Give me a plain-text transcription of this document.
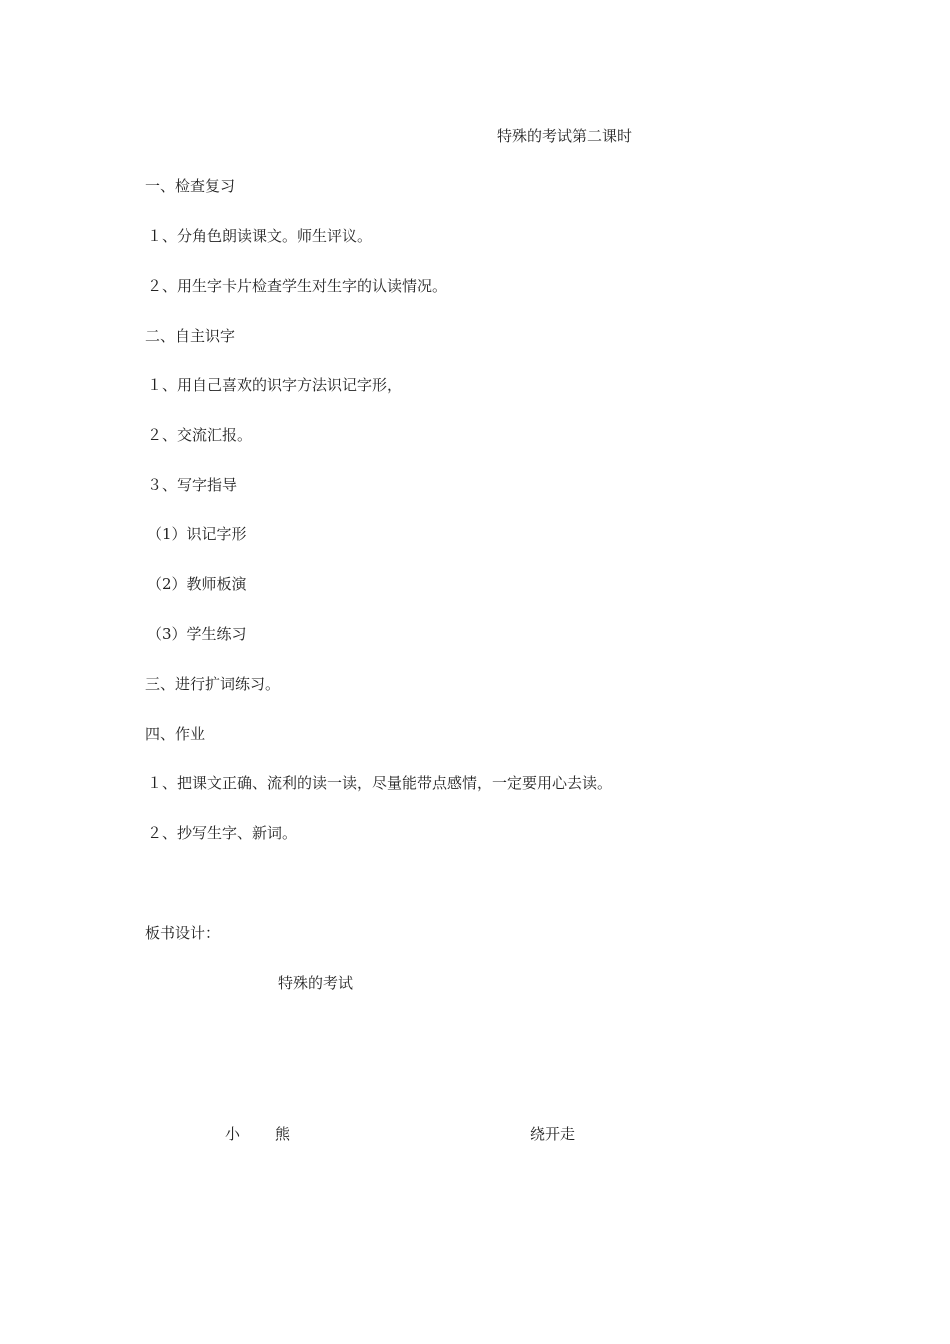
特殊的考试第二课时
一、检查复习
１、分角色朗读课文。师生评议。
２、用生字卡片检查学生对生字的认读情况。
二、自主识字
１、用自己喜欢的识字方法识记字形，
２、交流汇报。
３、写字指导
（1）识记字形
（2）教师板演
（3）学生练习
三、进行扩词练习。
四、作业
１、把课文正确、流利的读一读，尽量能带点感情，一定要用心去读。
２、抄写生字、新词。
板书设计：
特殊的考试
小 熊	绕开走
